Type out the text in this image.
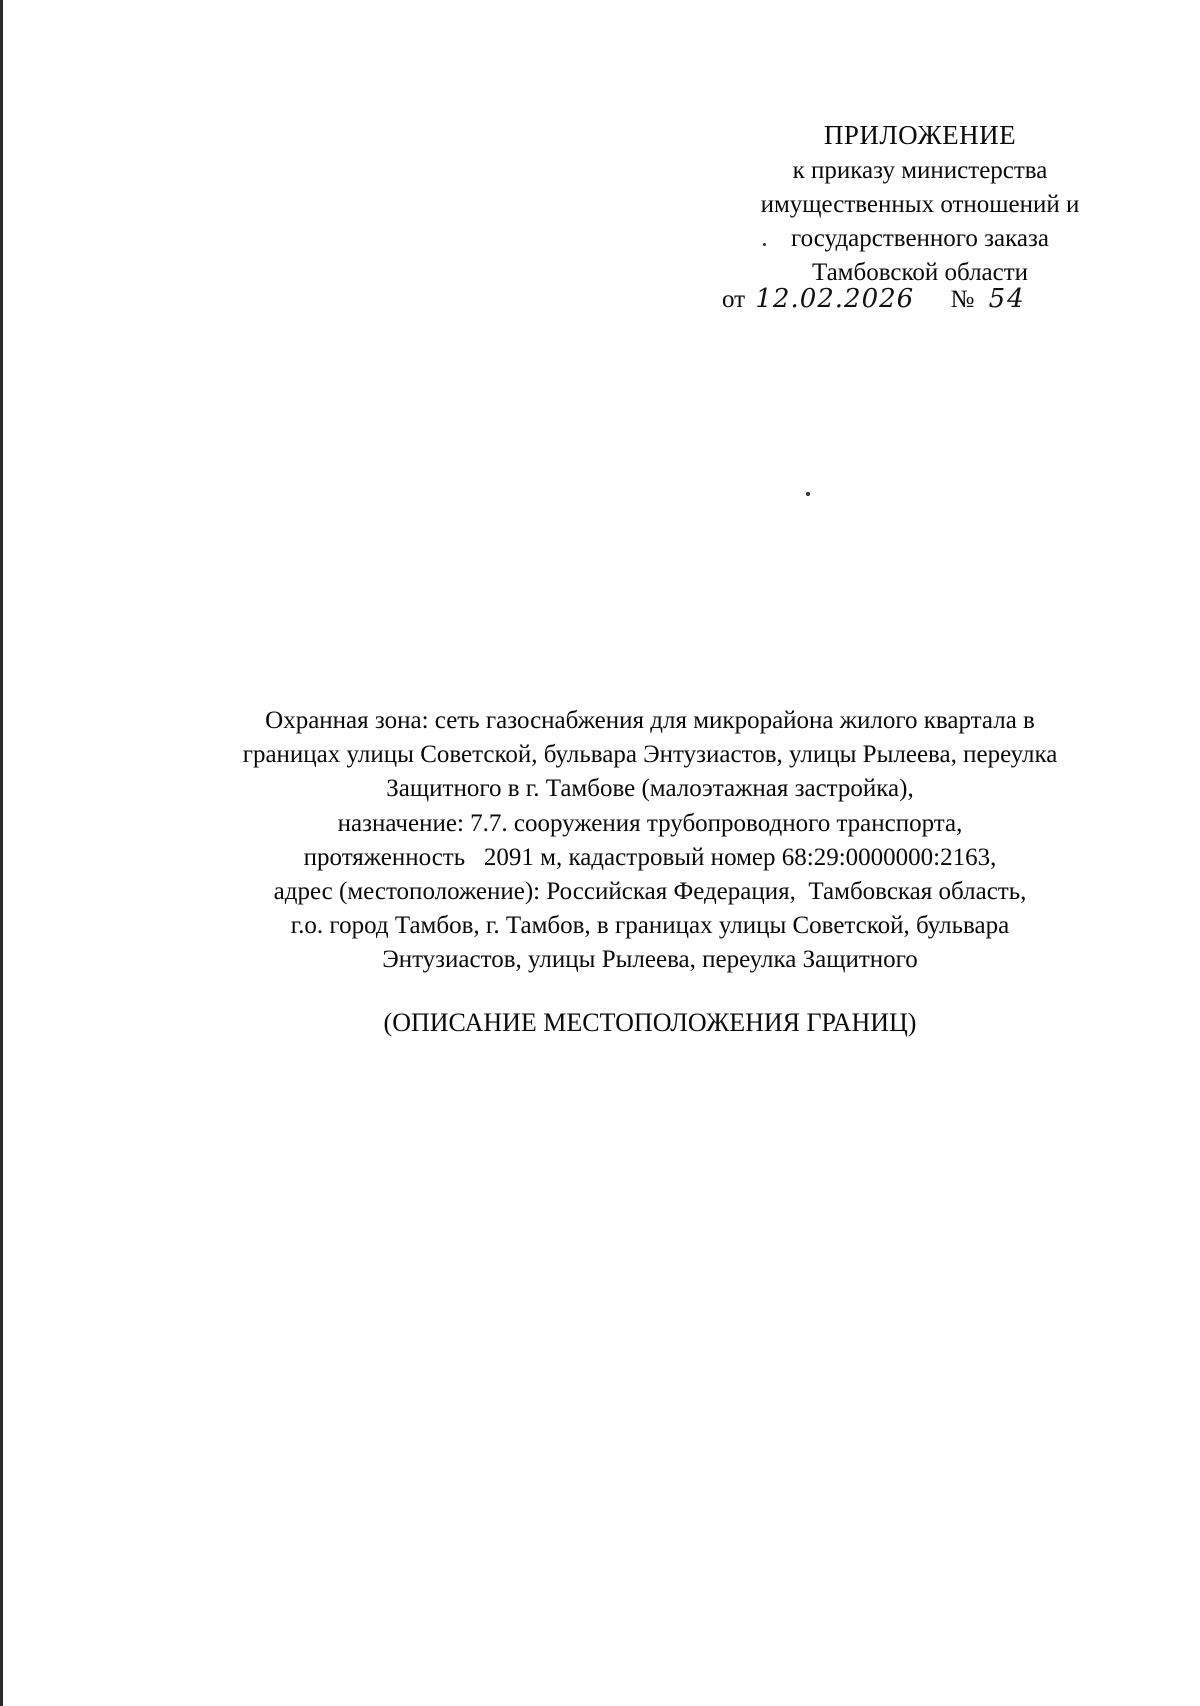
ПРИЛОЖЕНИЕ
к приказу министерства
имущественных отношений и
государственного заказа
Тамбовской области
от 12.02.2026 № 54
Охранная зона: сеть газоснабжения для микрорайона жилого квартала в
границах улицы Советской, бульвара Энтузиастов, улицы Рылеева, переулка
Защитного в г. Тамбове (малоэтажная застройка),
назначение: 7.7. сооружения трубопроводного транспорта,
протяженность   2091 м, кадастровый номер 68:29:0000000:2163,
адрес (местоположение): Российская Федерация,  Тамбовская область,
г.о. город Тамбов, г. Тамбов, в границах улицы Советской, бульвара
Энтузиастов, улицы Рылеева, переулка Защитного
(ОПИСАНИЕ МЕСТОПОЛОЖЕНИЯ ГРАНИЦ)
